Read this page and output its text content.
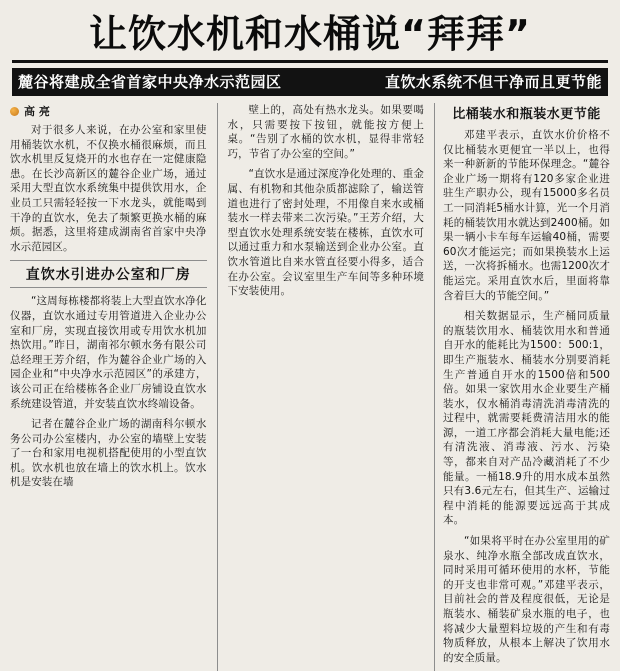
让饮水机和水桶说“拜拜”
麓谷将建成全省首家中央净水示范园区	直饮水系统不但干净而且更节能
高 亮

对于很多人来说，在办公室和家里使用桶装饮水机，不仅换水桶很麻烦，而且饮水机里反复烧开的水也存在一定健康隐患。在长沙高新区的麓谷企业广场，通过采用大型直饮水系统集中提供饮用水，企业员工只需轻轻按一下水龙头，就能喝到干净的直饮水，免去了频繁更换水桶的麻烦。据悉，这里将建成湖南省首家中央净水示范园区。

直饮水引进办公室和厂房

“这周每栋楼都将装上大型直饮水净化仪器，直饮水通过专用管道进入企业办公室和厂房，实现直接饮用或专用饮水机加热饮用。”昨日，湖南祁尔顿水务有限公司总经理王芳介绍，作为麓谷企业广场的入园企业和“中央净水示范园区”的承建方，该公司正在给楼栋各企业厂房铺设直饮水系统建设管道，并安装直饮水终端设备。

记者在麓谷企业广场的湖南科尔顿水务公司办公室楼内，办公室的墙壁上安装了一台和家用电视机搭配使用的小型直饮机。饮水机也放在墙上的饮水机上。饮水机是安装在墙

壁上的，高处有热水龙头。如果要喝水，只需要按下按钮，就能按方便上桌。“告别了水桶的饮水机，显得非常轻巧，节省了办公室的空间。”

“直饮水是通过深度净化处理的、重金属、有机物和其他杂质都滤除了，输送管道也进行了密封处理，不用像自来水或桶装水一样去带来二次污染。”王芳介绍，大型直饮水处理系统安装在楼栋，直饮水可以通过重力和水泵输送到企业办公室。直饮水管道比自来水管直径要小得多，适合在办公室。会议室里生产车间等多种环境下安装使用。

比桶装水和瓶装水更节能

邓建平表示，直饮水价价格不仅比桶装水更便宜一半以上，也得来一种新新的节能环保理念。“麓谷企业广场一期将有120多家企业进驻生产职办公，现有15000多名员工一同消耗5桶水计算，光一个月消耗的桶装饮用水就达到2400桶。如果一辆小卡车每车运输40桶，需要60次才能运完；而如果换装水上运送，一次将拆桶水。也需1200次才能运完。采用直饮水后，里面将靠含着巨大的节能空间。”

相关数据显示，生产桶同质量的瓶装饮用水、桶装饮用水和普通自开水的能耗比为1500：500:1，即生产瓶装水、桶装水分别要消耗生产普通自开水的1500倍和500倍。如果一家饮用水企业要生产桶装水，仅水桶消毒清洗消毒清洗的过程中，就需要耗费清洁用水的能源，一道工序都会消耗大量电能;还有清洗液、消毒液、污水、污染等，都来自对产品冷藏消耗了不少能量。一桶18.9升的用水成本虽然只有3.6元左右，但其生产、运输过程中消耗的能源要远远高于其成本。

“如果将平时在办公室里用的矿泉水、纯净水瓶全部改成直饮水，同时采用可循环使用的水杯，节能的开支也非常可观。”邓建平表示，目前社会的普及程度很低，无论是瓶装水、桶装矿泉水瓶的电子，也将减少大量塑料垃圾的产生和有毒物质释放，从根本上解决了饮用水的安全质量。
